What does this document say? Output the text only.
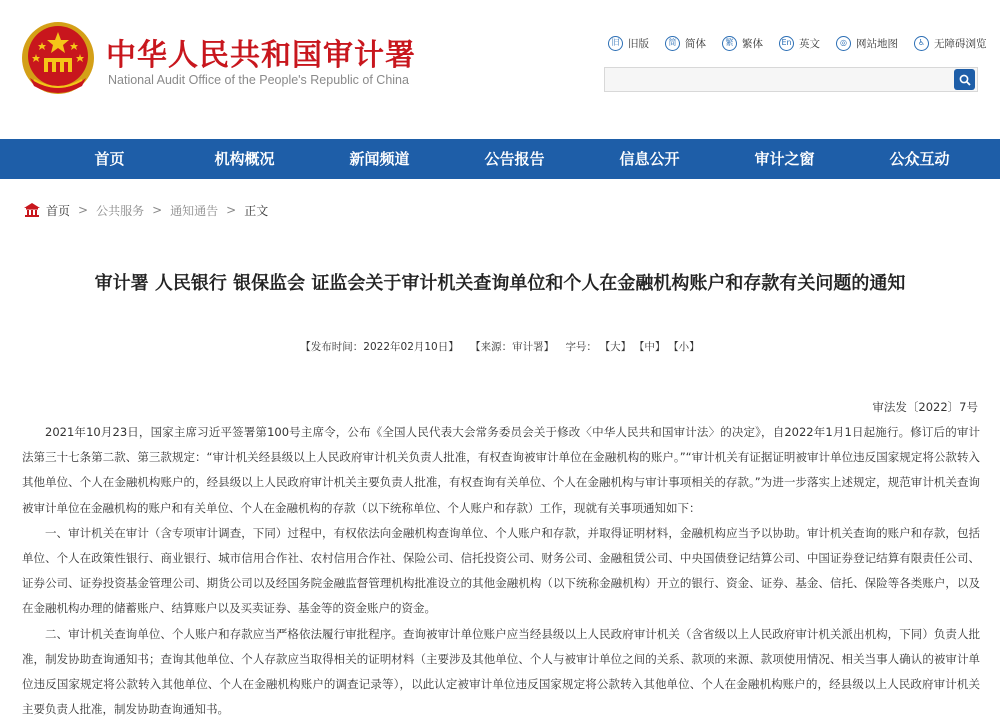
中华人民共和国审计署
National Audit Office of the People's Republic of China
旧 旧版	简 简体	繁 繁体	En 英文	◎ 网站地图	♿ 无障碍浏览
首页	机构概况	新闻频道	公告报告	信息公开	审计之窗	公众互动
首页 > 公共服务 > 通知通告 > 正文
审计署 人民银行 银保监会 证监会关于审计机关查询单位和个人在金融机构账户和存款有关问题的通知
【发布时间：2022年02月10日】 【来源：审计署】 字号： 【大】 【中】 【小】
审法发〔2022〕7号

2021年10月23日，国家主席习近平签署第100号主席令，公布《全国人民代表大会常务委员会关于修改〈中华人民共和国审计法〉的决定》，自2022年1月1日起施行。修订后的审计法第三十七条第二款、第三款规定：“审计机关经县级以上人民政府审计机关负责人批准，有权查询被审计单位在金融机构的账户。”“审计机关有证据证明被审计单位违反国家规定将公款转入其他单位、个人在金融机构账户的，经县级以上人民政府审计机关主要负责人批准，有权查询有关单位、个人在金融机构与审计事项相关的存款。”为进一步落实上述规定，规范审计机关查询被审计单位在金融机构的账户和有关单位、个人在金融机构的存款（以下统称单位、个人账户和存款）工作，现就有关事项通知如下：

一、审计机关在审计（含专项审计调查，下同）过程中，有权依法向金融机构查询单位、个人账户和存款，并取得证明材料，金融机构应当予以协助。审计机关查询的账户和存款，包括单位、个人在政策性银行、商业银行、城市信用合作社、农村信用合作社、保险公司、信托投资公司、财务公司、金融租赁公司、中央国债登记结算公司、中国证券登记结算有限责任公司、证券公司、证券投资基金管理公司、期货公司以及经国务院金融监督管理机构批准设立的其他金融机构（以下统称金融机构）开立的银行、资金、证券、基金、信托、保险等各类账户，以及在金融机构办理的储蓄账户、结算账户以及买卖证券、基金等的资金账户的资金。

二、审计机关查询单位、个人账户和存款应当严格依法履行审批程序。查询被审计单位账户应当经县级以上人民政府审计机关（含省级以上人民政府审计机关派出机构，下同）负责人批准，制发协助查询通知书；查询其他单位、个人存款应当取得相关的证明材料（主要涉及其他单位、个人与被审计单位之间的关系、款项的来源、款项使用情况、相关当事人确认的被审计单位违反国家规定将公款转入其他单位、个人在金融机构账户的调查记录等），以此认定被审计单位违反国家规定将公款转入其他单位、个人在金融机构账户的，经县级以上人民政府审计机关主要负责人批准，制发协助查询通知书。
